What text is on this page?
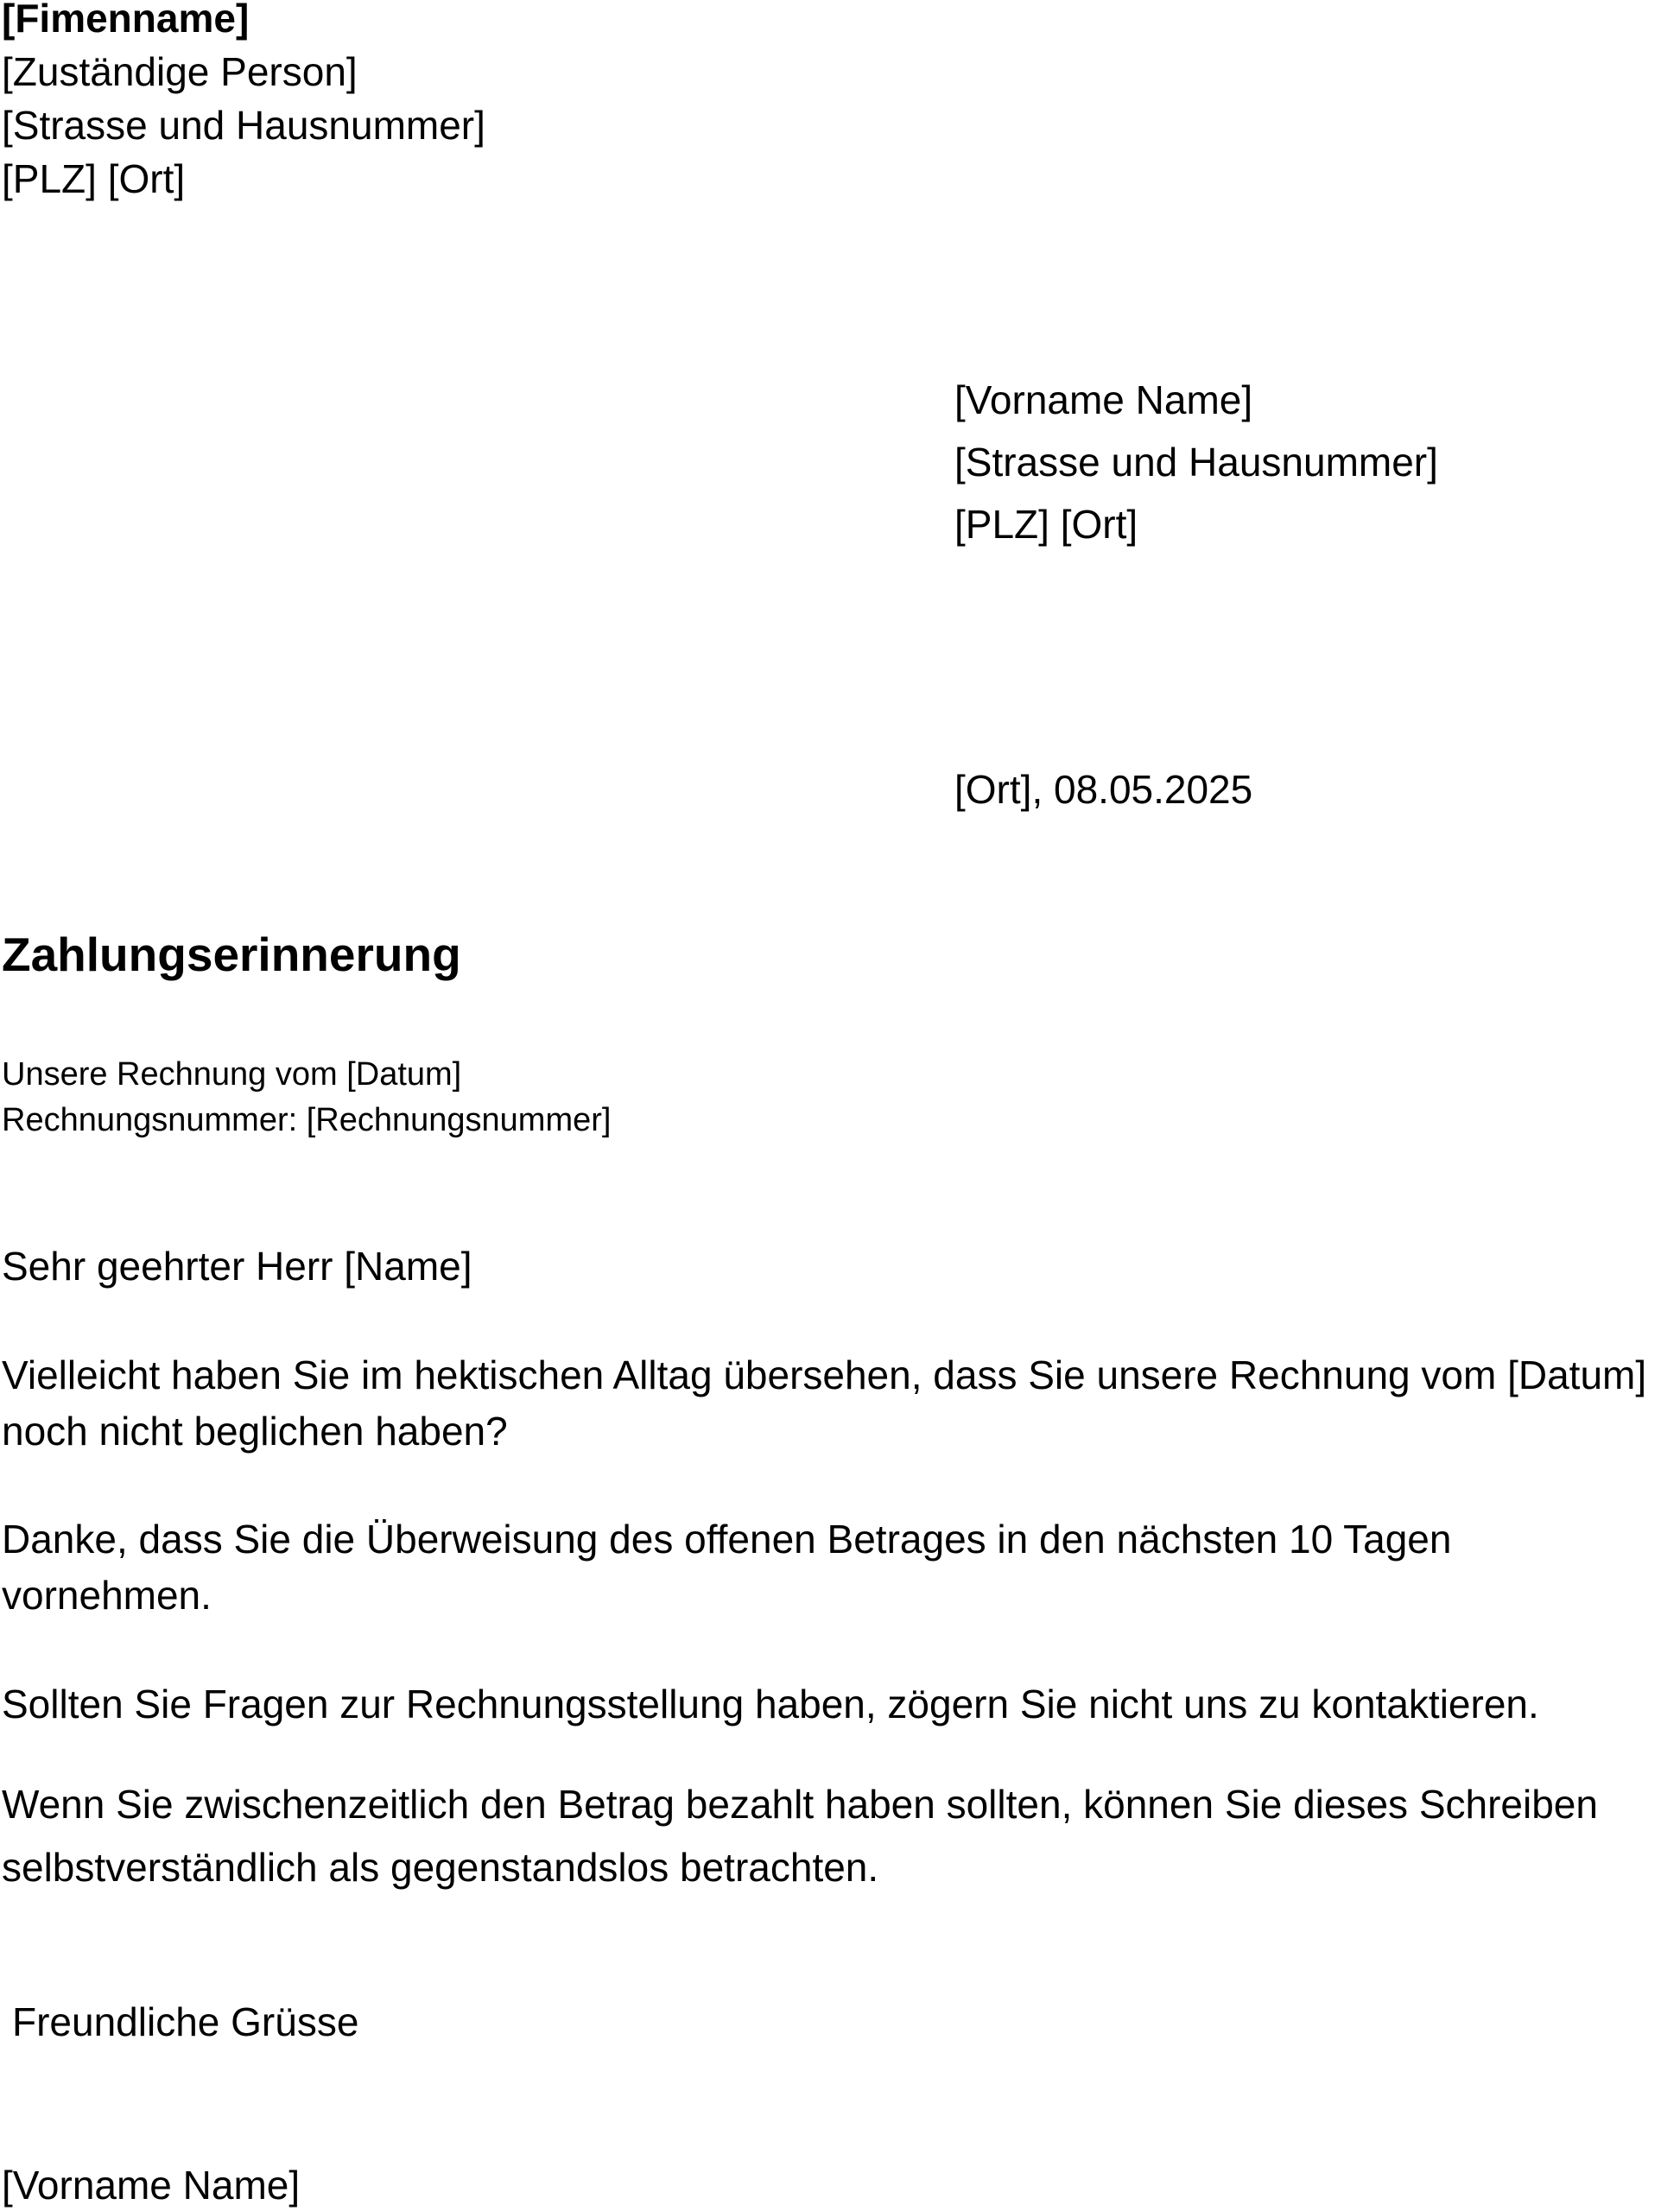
[Fimenname]
[Zuständige Person]
[Strasse und Hausnummer]
[PLZ] [Ort]
[Vorname Name]
[Strasse und Hausnummer]
[PLZ] [Ort]
[Ort], 08.05.2025
Zahlungserinnerung
Unsere Rechnung vom [Datum]
Rechnungsnummer: [Rechnungsnummer]
Sehr geehrter Herr [Name]
Vielleicht haben Sie im hektischen Alltag übersehen, dass Sie unsere Rechnung vom [Datum]
noch nicht beglichen haben?
Danke, dass Sie die Überweisung des offenen Betrages in den nächsten 10 Tagen
vornehmen.
Sollten Sie Fragen zur Rechnungsstellung haben, zögern Sie nicht uns zu kontaktieren.
Wenn Sie zwischenzeitlich den Betrag bezahlt haben sollten, können Sie dieses Schreiben
selbstverständlich als gegenstandslos betrachten.
Freundliche Grüsse
[Vorname Name]
